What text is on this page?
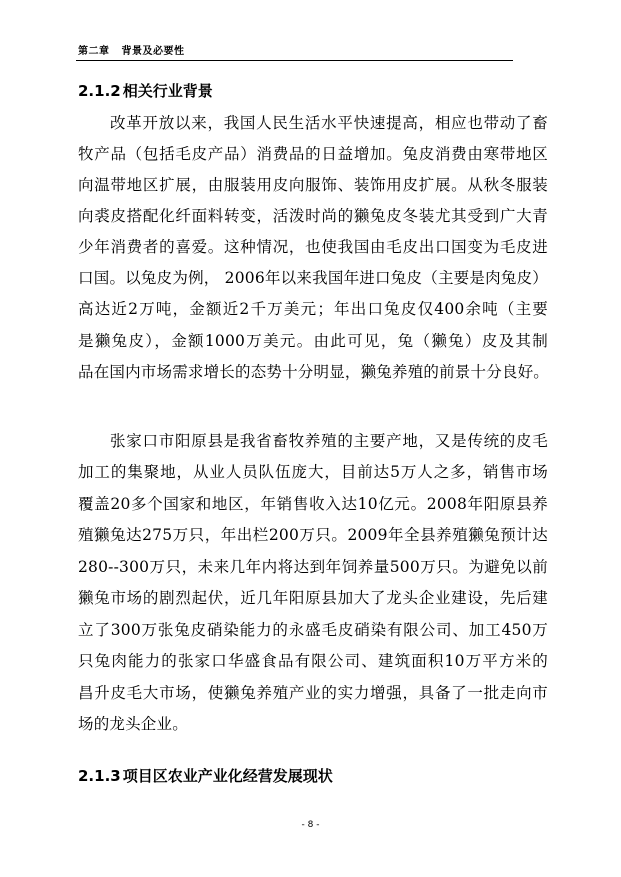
第二章 背景及必要性
2.1.2 相关行业背景
改革开放以来，我国人民生活水平快速提高，相应也带动了畜
牧产品（包括毛皮产品）消费品的日益增加。兔皮消费由寒带地区
向温带地区扩展，由服装用皮向服饰、装饰用皮扩展。从秋冬服装
向裘皮搭配化纤面料转变，活泼时尚的獭兔皮冬装尤其受到广大青
少年消费者的喜爱。这种情况，也使我国由毛皮出口国变为毛皮进
口国。以兔皮为例， 2006年以来我国年进口兔皮（主要是肉兔皮）
高达近2万吨，金额近2千万美元；年出口兔皮仅400余吨（主要
是獭兔皮），金额1000万美元。由此可见，兔（獭兔）皮及其制
品在国内市场需求增长的态势十分明显，獭兔养殖的前景十分良好。
张家口市阳原县是我省畜牧养殖的主要产地，又是传统的皮毛
加工的集聚地，从业人员队伍庞大，目前达5万人之多，销售市场
覆盖20多个国家和地区，年销售收入达10亿元。2008年阳原县养
殖獭兔达275万只，年出栏200万只。2009年全县养殖獭兔预计达
280--300万只，未来几年内将达到年饲养量500万只。为避免以前
獭兔市场的剧烈起伏，近几年阳原县加大了龙头企业建设，先后建
立了300万张兔皮硝染能力的永盛毛皮硝染有限公司、加工450万
只兔肉能力的张家口华盛食品有限公司、建筑面积10万平方米的
昌升皮毛大市场，使獭兔养殖产业的实力增强，具备了一批走向市
场的龙头企业。
2.1.3 项目区农业产业化经营发展现状
- 8 -
